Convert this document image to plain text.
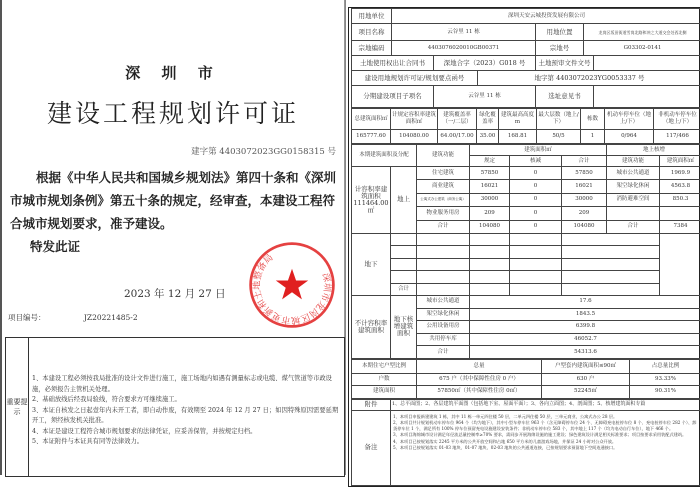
深 圳 市
建设工程规划许可证
建字第 4403072023GG0158315 号
根据《中华人民共和国城乡规划法》第四十条和《深圳市城市规划条例》第五十条的规定，经审查，本建设工程符合城市规划要求，准予建设。
特发此证
深圳市龙岗区城市更新和土地整备局
2023 年 12 月 27 日
项目编号：	JZ20221485-2
重要提示
1、本建设工程必须按我局批准的设计文件进行施工，施工场地内如遇有测量标志或电缆、煤气管道等市政设施，必须报告主管机关处理。
2、基础放线后经我局验线，符合要求方可继续施工。
3、本证自核发之日起壹年内未开工者，即自动作废，有效期至 2024 年 12 月 27 日；如因特殊原因需要延期开工，须经核发机关批准。
4、本证是建设工程符合城市规划要求的法律凭证，应妥善保管，并按规定归档。
5、本证附件与本证具有同等法律效力。
用地单位	深圳天安云城投资发展有限公司					
项目名称	云谷里 11 栋			用地位置	龙岗区坂田街道雪岗北路和冲之大道交会处西北侧	
宗地编码	4403076020010GB00371			宗地号	G03302-0141	
土地使用权出让合同书		深地合字（2023）G018 号		土地预审文件文号		
建设用地规划许可证/规划要点函号			地字第 4403072023YG0053337 号			
分期建设项目子项名		云谷里 11 栋		选址意见书		
总建筑面积㎡	计规定容积率建筑面积㎡	建筑覆盖率（一/二层）	绿化覆盖率	建筑最高高度 m	最大层数（地上/下）	栋数	机动车停车位（地上/下）	非机动车停车位（地上/下）
165777.60	104080.00	64.00/17.00	35.00	168.81	50/5	1	0/964	117/466
本期建筑面积及分配		建筑功能	建筑面积㎡			地上核增	
			规定	核减	合计	建筑功能	建筑面积㎡
计容积率建筑面积 111464.00㎡	地上	住宅建筑	57850	0	57850	城市公共通道	1969.9
		商业建筑	16021	0	16021	架空绿化休闲	4563.8
		公寓式办公建筑（商务公寓）	30000	0	30000	消防避难空间	850.3
		物业服务用房	209	0	209		
		合计	104080	0	104080	合计	7384
地下							

	合计						
不计容积率建筑面积	地下核增建筑面积	城市公共通道	17.6				
		架空绿化休闲	1843.5				
		公用设备用房	6399.8				
		共用停车库	46052.7				
		合计	54313.6				
本期住宅户型比例	总量	户型套内建筑面积≤90㎡	占总量比例
户数	675 户（其中保障性住房 0 户）	630 户	93.33%
建筑面积	57850㎡（其中保障性住房 0㎡）	52245㎡	90.31%
附件	1、总平面图；2、各层建筑平面图（包括地下室、屋面平面）；3、各向立面图；4、剖面图；5、核增建筑面积专篇
备注	1、本项目申报新建建筑 1 栋，其中 11 栋一单元四住楼 50 层，二单元四住楼 50 层，三单元商业，公寓式办公 28 层。
2、本项目共计规划机动车停车位 964 个（均为地下），其中小型车停车位 963 个（含无障碍停车位 24 个、无障碍充电桩停车位 8 个、充电桩停车位 282 个）、卸货停车位 1 个，满足所有 100% 停车位预留充电设施建设安装条件；非机动车停车位 583 个，其中地上 117 个（均为电动自行车位），地下 466 个。
3、本项目海绵城市设计满足年径流总量控制率≥70% 要求，需同步开展海绵设施的施工建设；绿色建筑设计满足相关标准要求；项目按要求采用装配式建筑。
4、本项目已按规划落实 2245 平方米的公共开放空间和占地 650 平方米的儿童游戏场地，并保证 24 小时对公众开放。
5、本项目已按规划落实 01-03 地块、01-07 地块、02-03 地块的公共通道连接，已按规划要求预留地下空间连通接口。
